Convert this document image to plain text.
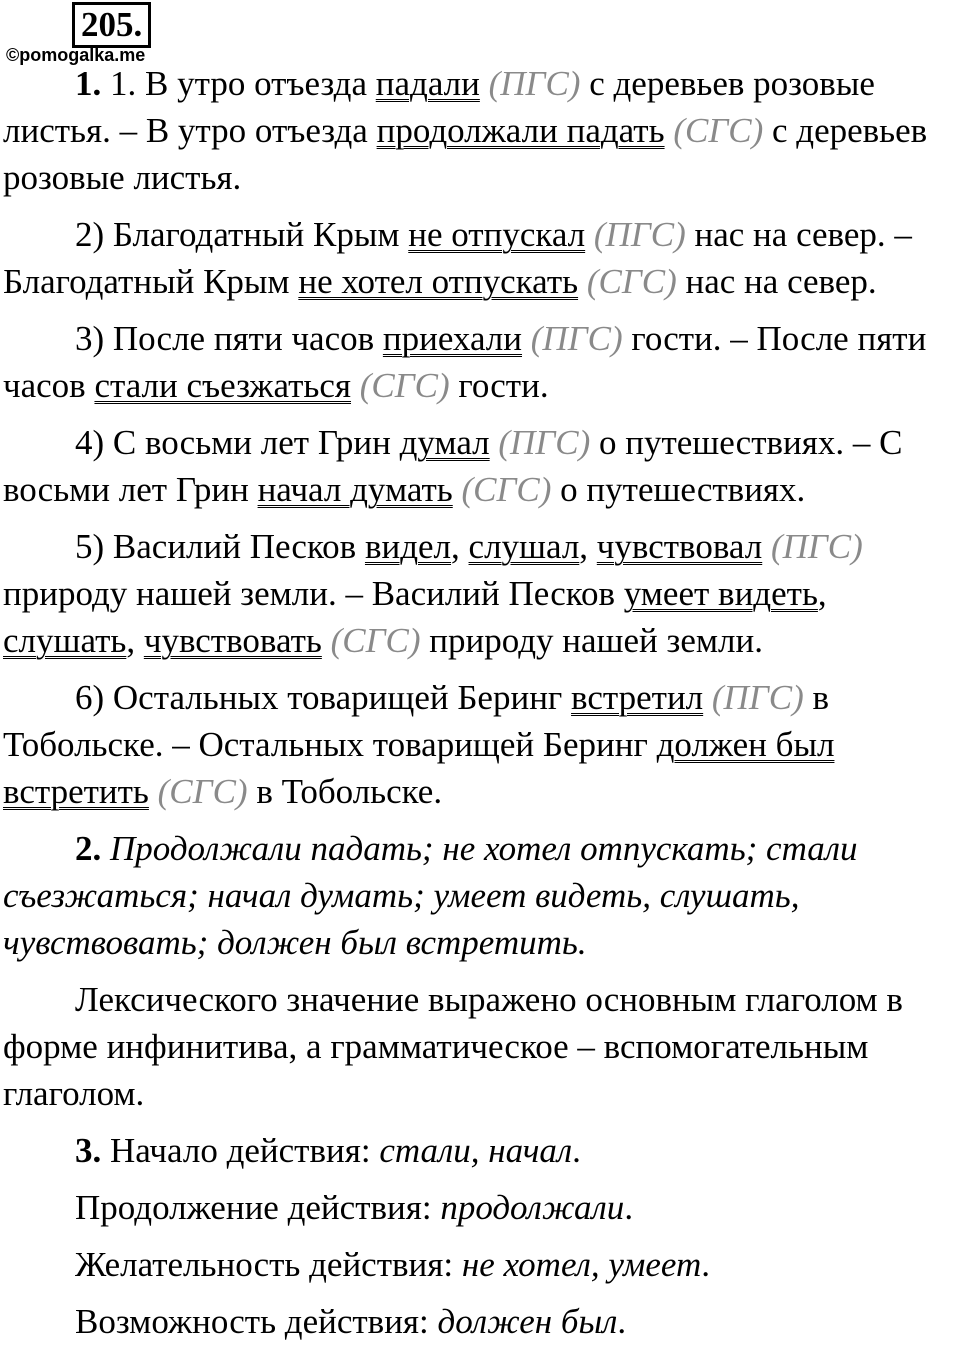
205.
©pomogalka.me

1. 1. В утро отъезда падали (ПГС) с деревьев розовые листья. – В утро отъезда продолжали падать (СГС) с деревьев розовые листья.

2) Благодатный Крым не отпускал (ПГС) нас на север. – Благодатный Крым не хотел отпускать (СГС) нас на север.

3) После пяти часов приехали (ПГС) гости. – После пяти часов стали съезжаться (СГС) гости.

4) С восьми лет Грин думал (ПГС) о путешествиях. – С восьми лет Грин начал думать (СГС) о путешествиях.

5) Василий Песков видел, слушал, чувствовал (ПГС) природу нашей земли. – Василий Песков умеет видеть, слушать, чувствовать (СГС) природу нашей земли.

6) Остальных товарищей Беринг встретил (ПГС) в Тобольске. – Остальных товарищей Беринг должен был встретить (СГС) в Тобольске.

2. Продолжали падать; не хотел отпускать; стали съезжаться; начал думать; умеет видеть, слушать, чувствовать; должен был встретить.

Лексического значение выражено основным глаголом в форме инфинитива, а грамматическое – вспомогательным глаголом.

3. Начало действия: стали, начал.

Продолжение действия: продолжали.

Желательность действия: не хотел, умеет.

Возможность действия: должен был.
